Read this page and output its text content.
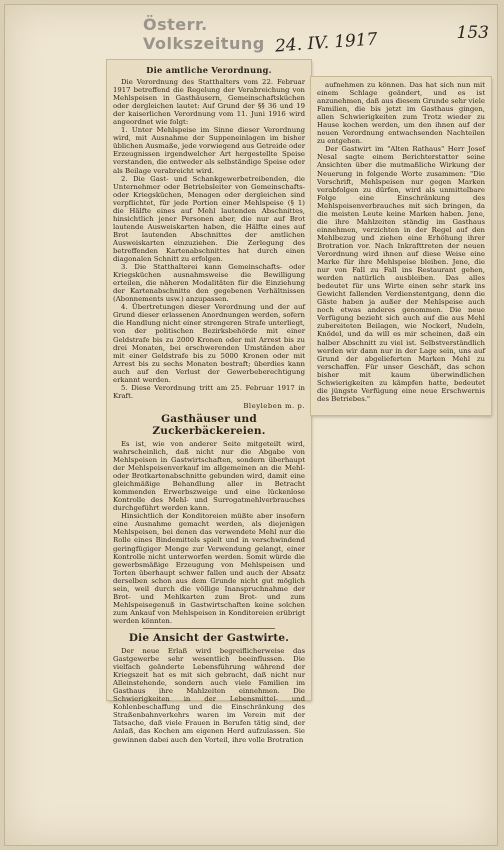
Österr. Volkszeitung 24. IV. 1917	153
Die amtliche Verordnung.

Die Verordnung des Statthalters vom 22. Februar 1917 betreffend die Regelung der Verabreichung von Mehlspeisen in Gasthäusern, Gemeinschaftsküchen oder dergleichen lautet: Auf Grund der §§ 36 und 19 der kaiserlichen Verordnung vom 11. Juni 1916 wird angeordnet wie folgt:

1. Unter Mehlspeise im Sinne dieser Verordnung wird, mit Ausnahme der Suppeneinlagen im bisher üblichen Ausmaße, jede vorwiegend aus Getreide oder Erzeugnissen irgendwelcher Art hergestellte Speise verstanden, die entweder als selbständige Speise oder als Beilage verabreicht wird.

2. Die Gast- und Schankgewerbetreibenden, die Unternehmer oder Betriebsleiter von Gemeinschafts- oder Kriegsküchen, Menagen oder dergleichen sind verpflichtet, für jede Portion einer Mehlspeise (§ 1) die Hälfte eines auf Mehl lautenden Abschnittes, hinsichtlich jener Personen aber, die nur auf Brot lautende Ausweiskarten haben, die Hälfte eines auf Brot lautenden Abschnittes der amtlichen Ausweiskarten einzuziehen. Die Zerlegung des betreffenden Kartenabschnittes hat durch einen diagonalen Schnitt zu erfolgen.

3. Die Statthalterei kann Gemeinschafts- oder Kriegsküchen ausnahmsweise die Bewilligung erteilen, die näheren Modalitäten für die Einziehung der Kartenabschnitte den gegebenen Verhältnissen (Abonnements usw.) anzupassen.

4. Übertretungen dieser Verordnung und der auf Grund dieser erlassenen Anordnungen werden, sofern die Handlung nicht einer strengeren Strafe unterliegt, von der politischen Bezirksbehörde mit einer Geldstrafe bis zu 2000 Kronen oder mit Arrest bis zu drei Monaten, bei erschwerenden Umständen aber mit einer Geldstrafe bis zu 5000 Kronen oder mit Arrest bis zu sechs Monaten bestraft; überdies kann auch auf den Verlust der Gewerbeberechtigung erkannt werden.

5. Diese Verordnung tritt am 25. Februar 1917 in Kraft.

Bleyleben m. p.
Gasthäuser und Zuckerbäckereien.

Es ist, wie von anderer Seite mitgeteilt wird, wahrscheinlich, daß nicht nur die Abgabe von Mehlspeisen in Gastwirtschaften, sondern überhaupt der Mehlspeisenverkauf im allgemeinen an die Mehl- oder Brotkartenabschnitte gebunden wird, damit eine gleichmäßige Behandlung aller in Betracht kommenden Erwerbszweige und eine lückenlose Kontrolle des Mehl- und Surrogatmehlverbrauches durchgeführt werden kann.

Hinsichtlich der Konditoreien müßte aber insofern eine Ausnahme gemacht werden, als diejenigen Mehlspeisen, bei denen das verwendete Mehl nur die Rolle eines Bindemittels spielt und in verschwindend geringfügiger Menge zur Verwendung gelangt, einer Kontrolle nicht unterworfen werden. Somit würde die gewerbsmäßige Erzeugung von Mehlspeisen und Torten überhaupt schwer fallen und auch der Absatz derselben schon aus dem Grunde nicht gut möglich sein, weil durch die völlige Inanspruchnahme der Brot- und Mehlkarten zum Brot- und zum Mehlspeisegenuß in Gastwirtschaften keine solchen zum Ankauf von Mehlspeisen in Konditoreien erübrigt werden könnten.

Die Ansicht der Gastwirte.

Der neue Erlaß wird begreiflicherweise das Gastgewerbe sehr wesentlich beeinflussen. Die vielfach geänderte Lebensführung während der Kriegszeit hat es mit sich gebracht, daß nicht nur Alleinstehende, sondern auch viele Familien im Gasthaus ihre Mahlzeiten einnehmen. Die Schwierigkeiten in der Lebensmittel- und Kohlenbeschaffung und die Einschränkung des Straßenbahnverkehrs waren im Verein mit der Tatsache, daß viele Frauen in Berufen tätig sind, der Anlaß, das Kochen am eigenen Herd aufzulassen. Sie gewinnen dabei auch den Vorteil, ihre volle Brotration

aufnehmen zu können. Das hat sich nun mit einem Schlage geändert, und es ist anzunehmen, daß aus diesem Grunde sehr viele Familien, die bis jetzt im Gasthaus gingen, allen Schwierigkeiten zum Trotz wieder zu Hause kochen werden, um den ihnen auf der neuen Verordnung entwachsenden Nachteilen zu entgehen.

Der Gastwirt im "Alten Rathaus" Herr Josef Nesal sagte einem Berichterstatter seine Ansichten über die mutmaßliche Wirkung der Neuerung in folgende Worte zusammen: "Die Vorschrift, Mehlspeisen nur gegen Marken verabfolgen zu dürfen, wird als unmittelbare Folge eine Einschränkung des Mehlspeisenverbrauches mit sich bringen, da die meisten Leute keine Marken haben. Jene, die ihre Mahlzeiten ständig im Gasthaus einnehmen, verzichten in der Regel auf den Mehlbezug und ziehen eine Erhöhung ihrer Brotration vor. Nach Inkrafttreten der neuen Verordnung wird ihnen auf diese Weise eine Marke für ihre Mehlspeise bleiben. Jene, die nur von Fall zu Fall ins Restaurant gehen, werden natürlich ausbleiben. Das alles bedeutet für uns Wirte einen sehr stark ins Gewicht fallenden Verdienstentgang, denn die Gäste haben ja außer der Mehlspeise auch noch etwas anderes genommen. Die neue Verfügung bezieht sich auch auf die aus Mehl zubereiteten Beilagen, wie Nockerl, Nudeln, Knödel, und da will es mir scheinen, daß ein halber Abschnitt zu viel ist. Selbstverständlich werden wir dann nur in der Lage sein, uns auf Grund der abgelieferten Marken Mehl zu verschaffen. Für unser Geschäft, das schon bisher mit kaum überwindlichen Schwierigkeiten zu kämpfen hatte, bedeutet die jüngste Verfügung eine neue Erschwernis des Betriebes."
